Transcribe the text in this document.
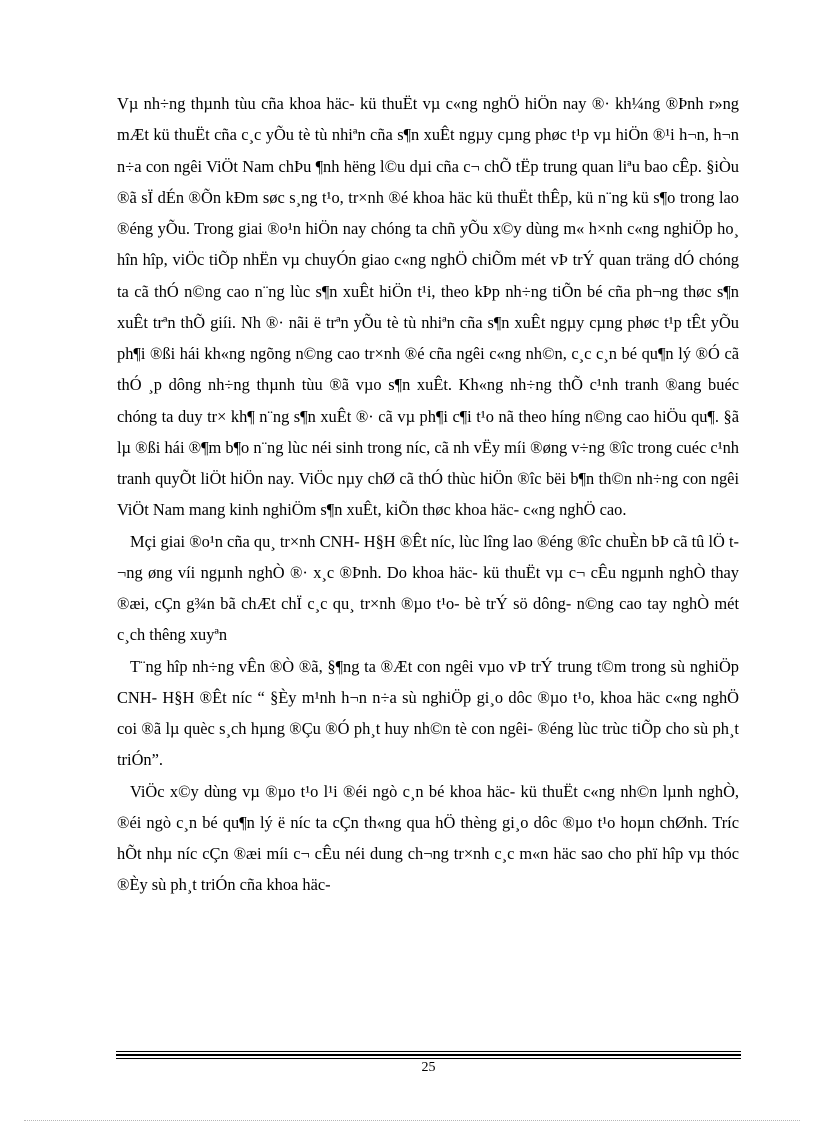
Vµ nh÷ng thµnh tùu cña khoa häc- kü thuËt vµ c«ng nghÖ hiÖn nay ®· kh¼ng ®Þnh r»ng mÆt kü thuËt cña c¸c yÕu tè tù nhiªn cña s¶n xuÊt ngµy cµng phøc t¹p vµ hiÖn ®¹i h¬n, h¬n n÷a con ngêi ViÖt Nam chÞu ¶nh hëng l©u dµi cña c¬ chÕ tËp trung quan liªu bao cÊp. §iÒu ®ã sÏ dÉn ®Õn kÐm søc s¸ng t¹o, tr×nh ®é khoa häc kü thuËt thÊp, kü n¨ng kü s¶o trong lao ®éng yÕu. Trong giai ®o¹n hiÖn nay chóng ta chñ yÕu x©y dùng m« h×nh c«ng nghiÖp ho¸ hîn hîp, viÖc tiÕp nhËn vµ chuyÓn giao c«ng nghÖ chiÕm mét vÞ trÝ quan träng dÓ chóng ta cã thÓ n©ng cao n¨ng lùc s¶n xuÊt hiÖn t¹i, theo kÞp nh÷ng tiÕn bé cña ph¬ng thøc s¶n xuÊt trªn thÕ giíi. Nh ®· nãi ë trªn yÕu tè tù nhiªn cña s¶n xuÊt ngµy cµng phøc t¹p tÊt yÕu ph¶i ®ßi hái kh«ng ngõng n©ng cao tr×nh ®é cña ngêi c«ng nh©n, c¸c c¸n bé qu¶n lý ®Ó cã thÓ ¸p dông nh÷ng thµnh tùu ®ã vµo s¶n xuÊt. Kh«ng nh÷ng thÕ c¹nh tranh ®ang buéc chóng ta duy tr× kh¶ n¨ng s¶n xuÊt ®· cã vµ ph¶i c¶i t¹o nã theo híng n©ng cao hiÖu qu¶. §ã lµ ®ßi hái ®¶m b¶o n¨ng lùc néi sinh trong níc, cã nh vËy míi ®øng v÷ng ®îc trong cuéc c¹nh tranh quyÕt liÖt hiÖn nay. ViÖc nµy chØ cã thÓ thùc hiÖn ®îc bëi b¶n th©n nh÷ng con ngêi ViÖt Nam mang kinh nghiÖm s¶n xuÊt, kiÕn thøc khoa häc- c«ng nghÖ cao.

Mçi giai ®o¹n cña qu¸ tr×nh CNH- H§H ®Êt níc, lùc lîng lao ®éng ®îc chuÈn bÞ cã tû lÖ t¬ng øng víi ngµnh nghÒ ®· x¸c ®Þnh. Do khoa häc- kü thuËt vµ c¬ cÊu ngµnh nghÒ thay ®æi, cÇn g¾n bã chÆt chÏ c¸c qu¸ tr×nh ®µo t¹o- bè trÝ sö dông- n©ng cao tay nghÒ mét c¸ch thêng xuyªn

T¨ng hîp nh÷ng vÊn ®Ò ®ã, §¶ng ta ®Æt con ngêi vµo vÞ trÝ trung t©m trong sù nghiÖp CNH- H§H ®Êt níc “ §Èy m¹nh h¬n n÷a sù nghiÖp gi¸o dôc ®µo t¹o, khoa häc c«ng nghÖ coi ®ã lµ quèc s¸ch hµng ®Çu ®Ó ph¸t huy nh©n tè con ngêi- ®éng lùc trùc tiÕp cho sù ph¸t triÓn”.

ViÖc x©y dùng vµ ®µo t¹o l¹i ®éi ngò c¸n bé khoa häc- kü thuËt c«ng nh©n lµnh nghÒ, ®éi ngò c¸n bé qu¶n lý ë níc ta cÇn th«ng qua hÖ thèng gi¸o dôc ®µo t¹o hoµn chØnh. Tríc hÕt nhµ níc cÇn ®æi míi c¬ cÊu néi dung ch¬ng tr×nh c¸c m«n häc sao cho phï hîp vµ thóc ®Èy sù ph¸t triÓn cña khoa häc-

25
